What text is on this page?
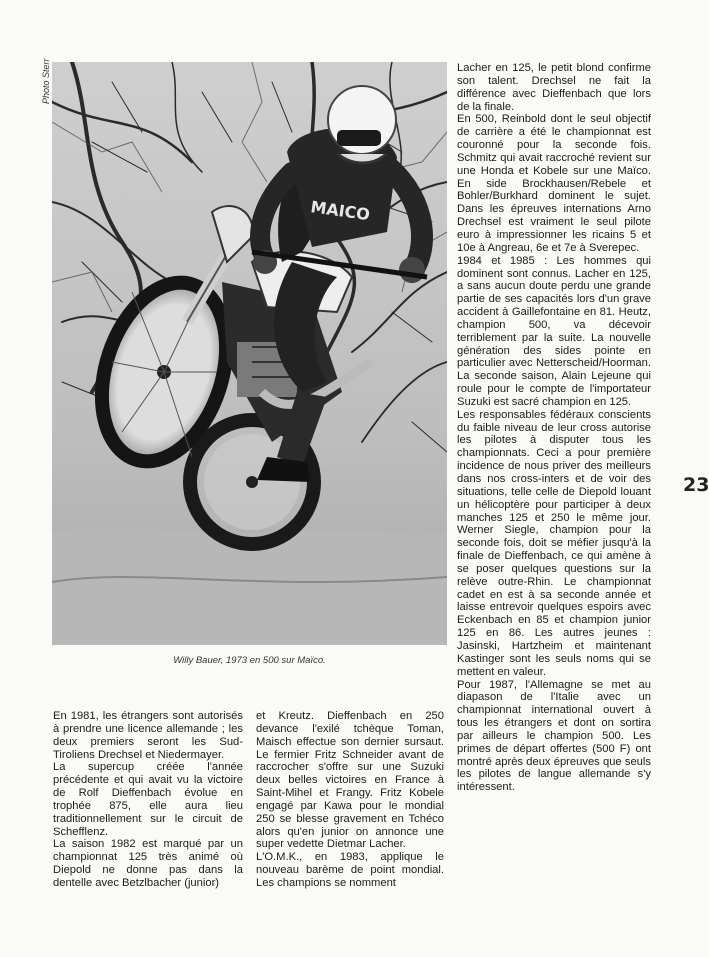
Photo Sterr
MAICO
Willy Bauer, 1973 en 500 sur Maïco.

Lacher en 125, le petit blond confirme son talent. Drechsel ne fait la différence avec Dieffenbach que lors de la finale.

En 500, Reinbold dont le seul objectif de carrière a été le championnat est couronné pour la seconde fois. Schmitz qui avait raccroché revient sur une Honda et Kobele sur une Maïco. En side Brockhausen/Rebele et Bohler/Burkhard dominent le sujet. Dans les épreuves internations Arno Drechsel est vraiment le seul pilote euro à impressionner les ricains 5 et 10e à Angreau, 6e et 7e à Sverepec.

1984 et 1985 : Les hommes qui dominent sont connus. Lacher en 125, a sans aucun doute perdu une grande partie de ses capacités lors d'un grave accident à Gaillefontaine en 81. Heutz, champion 500, va décevoir terriblement par la suite. La nouvelle génération des sides pointe en particulier avec Netterscheid/Hoorman. La seconde saison, Alain Lejeune qui roule pour le compte de l'importateur Suzuki est sacré champion en 125.

Les responsables fédéraux conscients du faible niveau de leur cross autorise les pilotes à disputer tous les championnats. Ceci a pour première incidence de nous priver des meilleurs dans nos cross-inters et de voir des situations, telle celle de Diepold louant un hélicoptère pour participer à deux manches 125 et 250 le même jour. Werner Siegle, champion pour la seconde fois, doit se méfier jusqu'à la finale de Dieffenbach, ce qui amène à se poser quelques questions sur la relève outre-Rhin. Le championnat cadet en est à sa seconde année et laisse entrevoir quelques espoirs avec Eckenbach en 85 et champion junior 125 en 86. Les autres jeunes : Jasinski, Hartzheim et maintenant Kastinger sont les seuls noms qui se mettent en valeur.

Pour 1987, l'Allemagne se met au diapason de l'Italie avec un championnat international ouvert à tous les étrangers et dont on sortira par ailleurs le champion 500. Les primes de départ offertes (500 F) ont montré après deux épreuves que seuls les pilotes de langue allemande s'y intéressent.

En 1981, les étrangers sont autorisés à prendre une licence allemande ; les deux premiers seront les Sud-Tiroliens Drechsel et Niedermayer.

La supercup créée l'année précédente et qui avait vu la victoire de Rolf Dieffenbach évolue en trophée 875, elle aura lieu traditionnellement sur le circuit de Schefflenz.

La saison 1982 est marqué par un championnat 125 très animé où Diepold ne donne pas dans la dentelle avec Betzlbacher (junior)

et Kreutz. Dieffenbach en 250 devance l'exilé tchèque Toman, Maisch effectue son dernier sursaut. Le fermier Fritz Schneider avant de raccrocher s'offre sur une Suzuki deux belles victoires en France à Saint-Mihel et Frangy. Fritz Kobele engagé par Kawa pour le mondial 250 se blesse gravement en Tchéco alors qu'en junior on annonce une super vedette Dietmar Lacher.

L'O.M.K., en 1983, applique le nouveau barème de point mondial. Les champions se nomment

23
